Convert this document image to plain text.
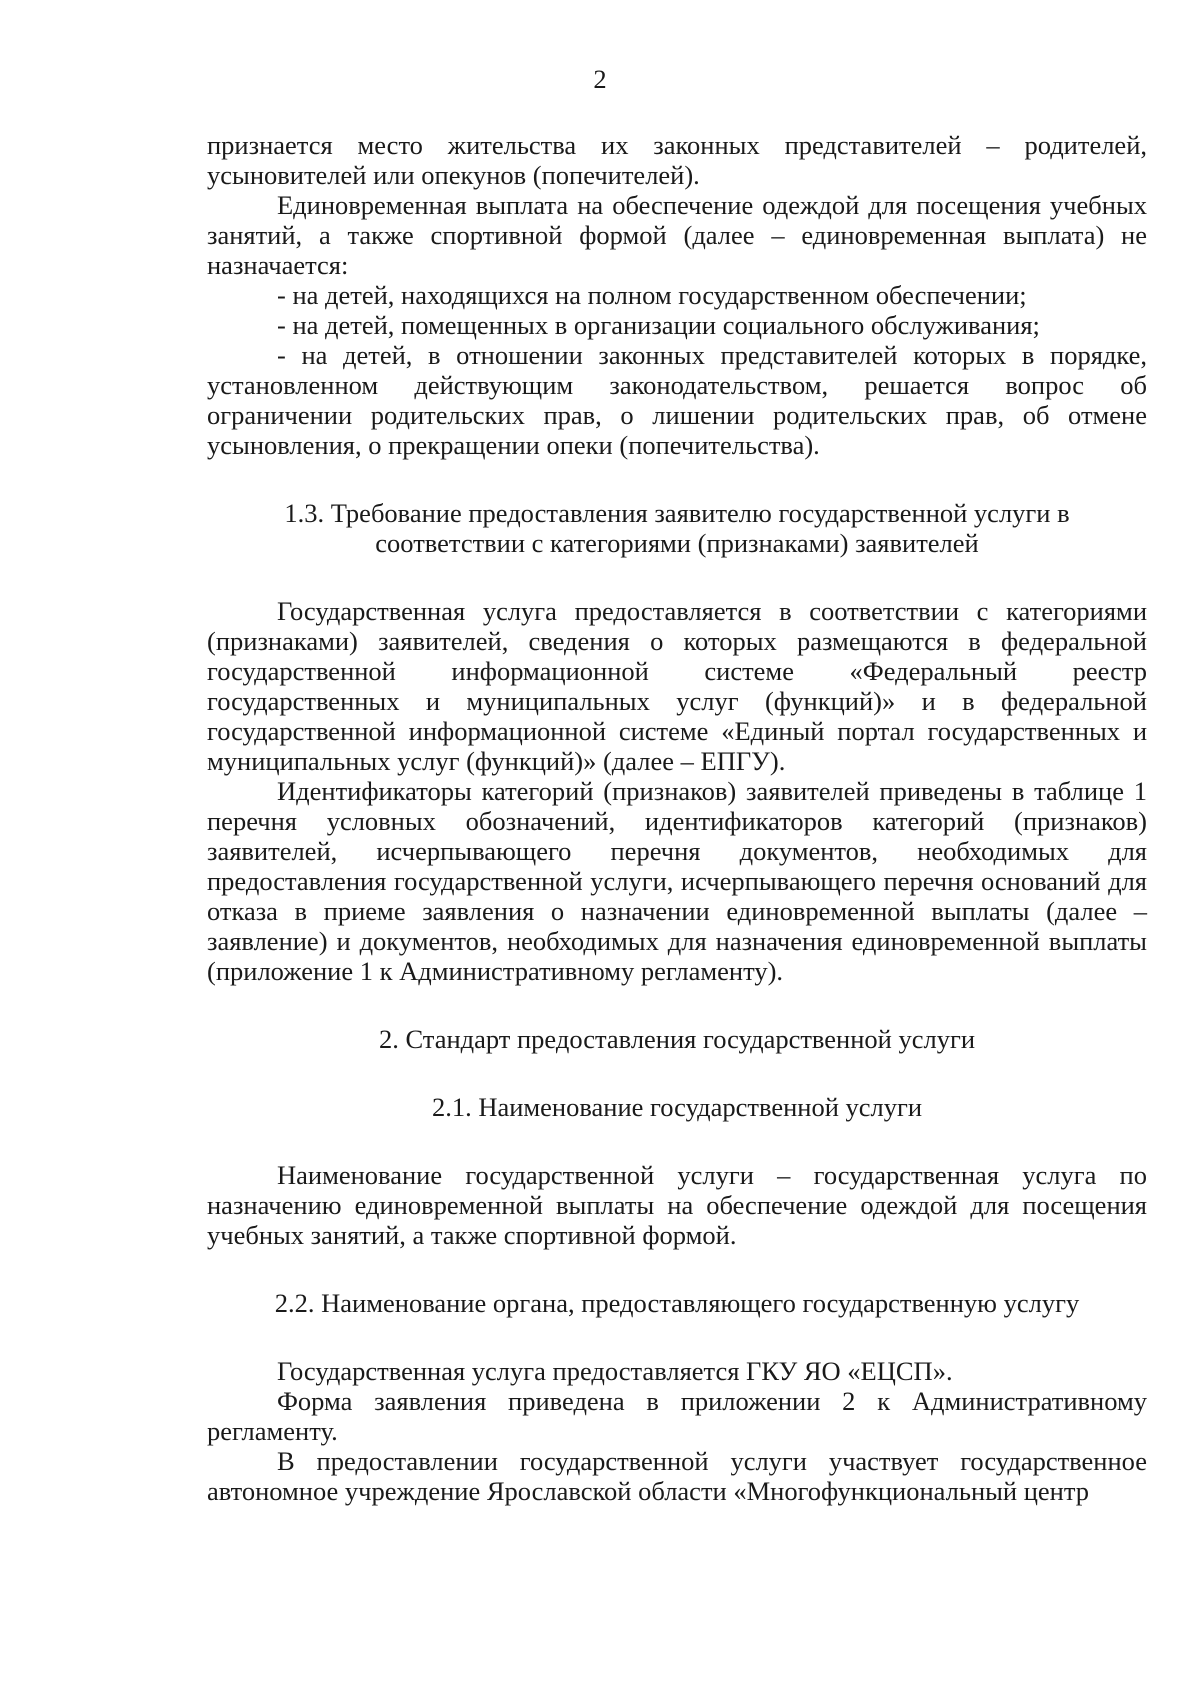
2

признается место жительства их законных представителей – родителей, усыновителей или опекунов (попечителей).

Единовременная выплата на обеспечение одеждой для посещения учебных занятий, а также спортивной формой (далее – единовременная выплата) не назначается:

- на детей, находящихся на полном государственном обеспечении;

- на детей, помещенных в организации социального обслуживания;

- на детей, в отношении законных представителей которых в порядке, установленном действующим законодательством, решается вопрос об ограничении родительских прав, о лишении родительских прав, об отмене усыновления, о прекращении опеки (попечительства).

1.3. Требование предоставления заявителю государственной услуги в

соответствии с категориями (признаками) заявителей

Государственная услуга предоставляется в соответствии с категориями (признаками) заявителей, сведения о которых размещаются в федеральной государственной информационной системе «Федеральный реестр государственных и муниципальных услуг (функций)» и в федеральной государственной информационной системе «Единый портал государственных и муниципальных услуг (функций)» (далее – ЕПГУ).

Идентификаторы категорий (признаков) заявителей приведены в таблице 1 перечня условных обозначений, идентификаторов категорий (признаков) заявителей, исчерпывающего перечня документов, необходимых для предоставления государственной услуги, исчерпывающего перечня оснований для отказа в приеме заявления о назначении единовременной выплаты (далее – заявление) и документов, необходимых для назначения единовременной выплаты (приложение 1 к Административному регламенту).

2. Стандарт предоставления государственной услуги

2.1. Наименование государственной услуги

Наименование государственной услуги – государственная услуга по назначению единовременной выплаты на обеспечение одеждой для посещения учебных занятий, а также спортивной формой.

2.2. Наименование органа, предоставляющего государственную услугу

Государственная услуга предоставляется ГКУ ЯО «ЕЦСП».

Форма заявления приведена в приложении 2 к Административному регламенту.

В предоставлении государственной услуги участвует государственное автономное учреждение Ярославской области «Многофункциональный центр
